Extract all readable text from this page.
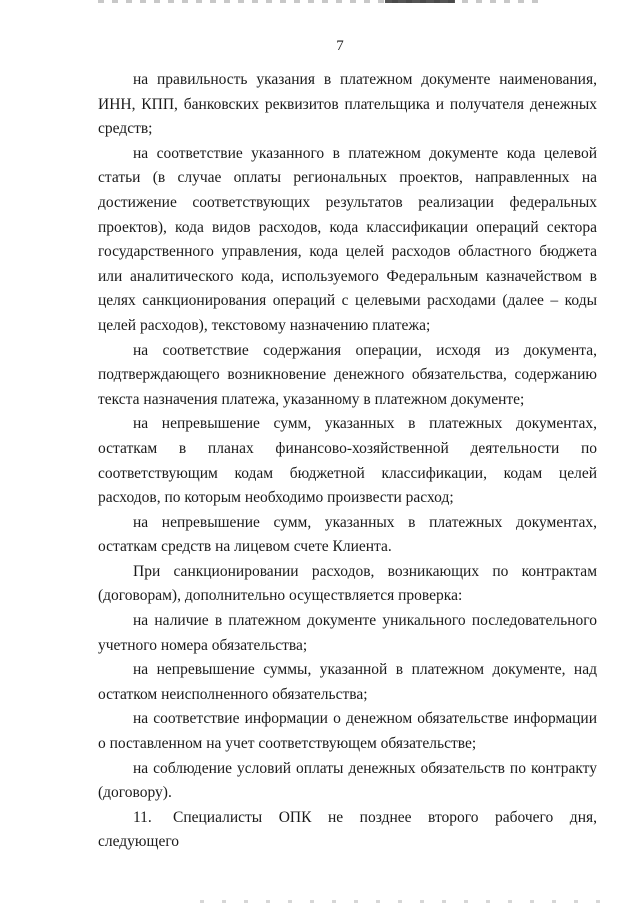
7

на правильность указания в платежном документе наименования, ИНН, КПП, банковских реквизитов плательщика и получателя денежных средств;

на соответствие указанного в платежном документе кода целевой статьи (в случае оплаты региональных проектов, направленных на достижение соответствующих результатов реализации федеральных проектов), кода видов расходов, кода классификации операций сектора государственного управления, кода целей расходов областного бюджета или аналитического кода, используемого Федеральным казначейством в целях санкционирования операций с целевыми расходами (далее – коды целей расходов), текстовому назначению платежа;

на соответствие содержания операции, исходя из документа, подтверждающего возникновение денежного обязательства, содержанию текста назначения платежа, указанному в платежном документе;

на непревышение сумм, указанных в платежных документах, остаткам в планах финансово-хозяйственной деятельности по соответствующим кодам бюджетной классификации, кодам целей расходов, по которым необходимо произвести расход;

на непревышение сумм, указанных в платежных документах, остаткам средств на лицевом счете Клиента.

При санкционировании расходов, возникающих по контрактам (договорам), дополнительно осуществляется проверка:

на наличие в платежном документе уникального последовательного учетного номера обязательства;

на непревышение суммы, указанной в платежном документе, над остатком неисполненного обязательства;

на соответствие информации о денежном обязательстве информации о поставленном на учет соответствующем обязательстве;

на соблюдение условий оплаты денежных обязательств по контракту (договору).

11. Специалисты ОПК не позднее второго рабочего дня, следующего
